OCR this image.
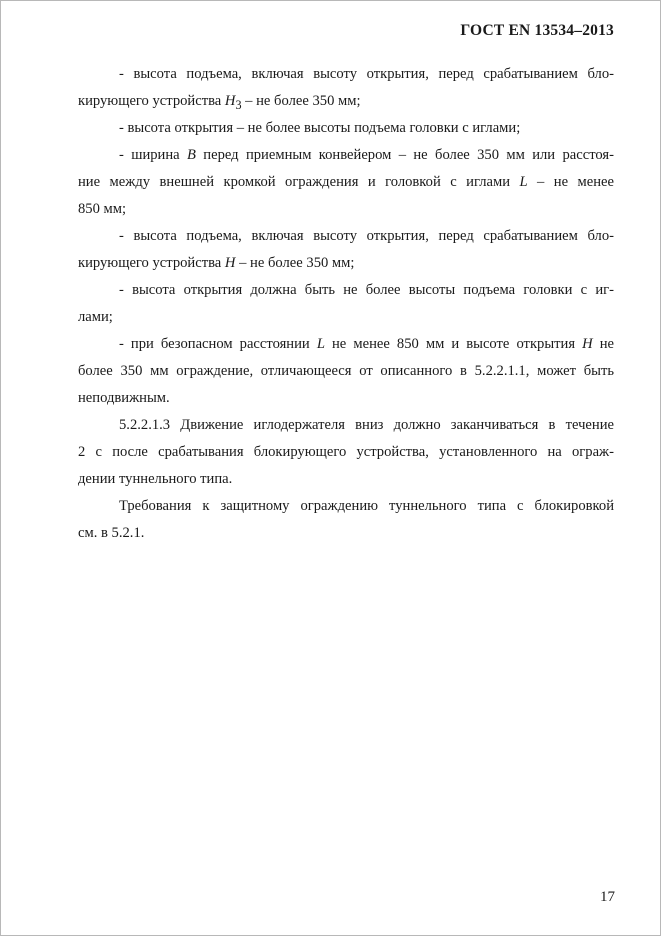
ГОСТ EN 13534–2013
- высота подъема, включая высоту открытия, перед срабатыванием бло-
кирующего устройства $H_3$ – не более 350 мм;
- высота открытия – не более высоты подъема головки с иглами;
- ширина B перед приемным конвейером – не более 350 мм или расстоя-
ние между внешней кромкой ограждения и головкой с иглами L – не менее
850 мм;
- высота подъема, включая высоту открытия, перед срабатыванием бло-
кирующего устройства H – не более 350 мм;
- высота открытия должна быть не более высоты подъема головки с иг-
лами;
- при безопасном расстоянии L не менее 850 мм и высоте открытия H не
более 350 мм ограждение, отличающееся от описанного в 5.2.2.1.1, может быть
неподвижным.
5.2.2.1.3 Движение иглодержателя вниз должно заканчиваться в течение
2 с после срабатывания блокирующего устройства, установленного на ограж-
дении туннельного типа.
Требования к защитному ограждению туннельного типа с блокировкой
см. в 5.2.1.
17
